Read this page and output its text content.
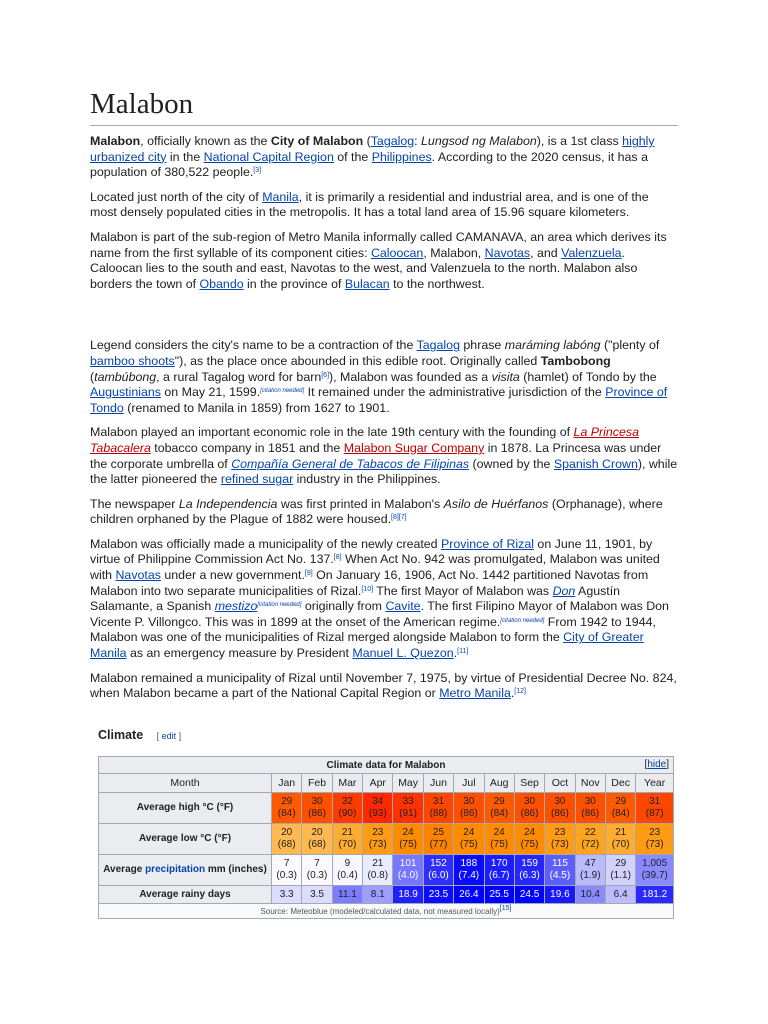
Malabon

Malabon, officially known as the City of Malabon (Tagalog: Lungsod ng Malabon), is a 1st class highly urbanized city in the National Capital Region of the Philippines. According to the 2020 census, it has a population of 380,522 people.[3]

Located just north of the city of Manila, it is primarily a residential and industrial area, and is one of the most densely populated cities in the metropolis. It has a total land area of 15.96 square kilometers.

Malabon is part of the sub-region of Metro Manila informally called CAMANAVA, an area which derives its name from the first syllable of its component cities: Caloocan, Malabon, Navotas, and Valenzuela. Caloocan lies to the south and east, Navotas to the west, and Valenzuela to the north. Malabon also borders the town of Obando in the province of Bulacan to the northwest.

Legend considers the city's name to be a contraction of the Tagalog phrase maráming labóng ("plenty of bamboo shoots"), as the place once abounded in this edible root. Originally called Tambobong (tambúbong, a rural Tagalog word for barn[6]), Malabon was founded as a visita (hamlet) of Tondo by the Augustinians on May 21, 1599.[citation needed] It remained under the administrative jurisdiction of the Province of Tondo (renamed to Manila in 1859) from 1627 to 1901.

Malabon played an important economic role in the late 19th century with the founding of La Princesa Tabacalera tobacco company in 1851 and the Malabon Sugar Company in 1878. La Princesa was under the corporate umbrella of Compañía General de Tabacos de Filipinas (owned by the Spanish Crown), while the latter pioneered the refined sugar industry in the Philippines.

The newspaper La Independencia was first printed in Malabon's Asilo de Huérfanos (Orphanage), where children orphaned by the Plague of 1882 were housed.[8][7]

Malabon was officially made a municipality of the newly created Province of Rizal on June 11, 1901, by virtue of Philippine Commission Act No. 137.[8] When Act No. 942 was promulgated, Malabon was united with Navotas under a new government.[9] On January 16, 1906, Act No. 1442 partitioned Navotas from Malabon into two separate municipalities of Rizal.[10] The first Mayor of Malabon was Don Agustín Salamante, a Spanish mestizo[citation needed] originally from Cavite. The first Filipino Mayor of Malabon was Don Vicente P. Villongco. This was in 1899 at the onset of the American regime.[citation needed] From 1942 to 1944, Malabon was one of the municipalities of Rizal merged alongside Malabon to form the City of Greater Manila as an emergency measure by President Manuel L. Quezon.[11]

Malabon remained a municipality of Rizal until November 7, 1975, by virtue of Presidential Decree No. 824, when Malabon became a part of the National Capital Region or Metro Manila.[12]

Climate [ edit ]
Climate data for Malabon [hide]													

Month	Jan	Feb	Mar	Apr	May	Jun	Jul	Aug	Sep	Oct	Nov	Dec	Year
Average high °C (°F)	29
(84)	30
(86)	32
(90)	34
(93)	33
(91)	31
(88)	30
(86)	29
(84)	30
(86)	30
(86)	30
(86)	29
(84)	31
(87)
Average low °C (°F)	20
(68)	20
(68)	21
(70)	23
(73)	24
(75)	25
(77)	24
(75)	24
(75)	24
(75)	23
(73)	22
(72)	21
(70)	23
(73)
Average precipitation mm (inches)	7
(0.3)	7
(0.3)	9
(0.4)	21
(0.8)	101
(4.0)	152
(6.0)	188
(7.4)	170
(6.7)	159
(6.3)	115
(4.5)	47
(1.9)	29
(1.1)	1,005
(39.7)
Average rainy days	3.3	3.5	11.1	8.1	18.9	23.5	26.4	25.5	24.5	19.6	10.4	6.4	181.2
Source: Meteoblue (modeled/calculated data, not measured locally)[15]
